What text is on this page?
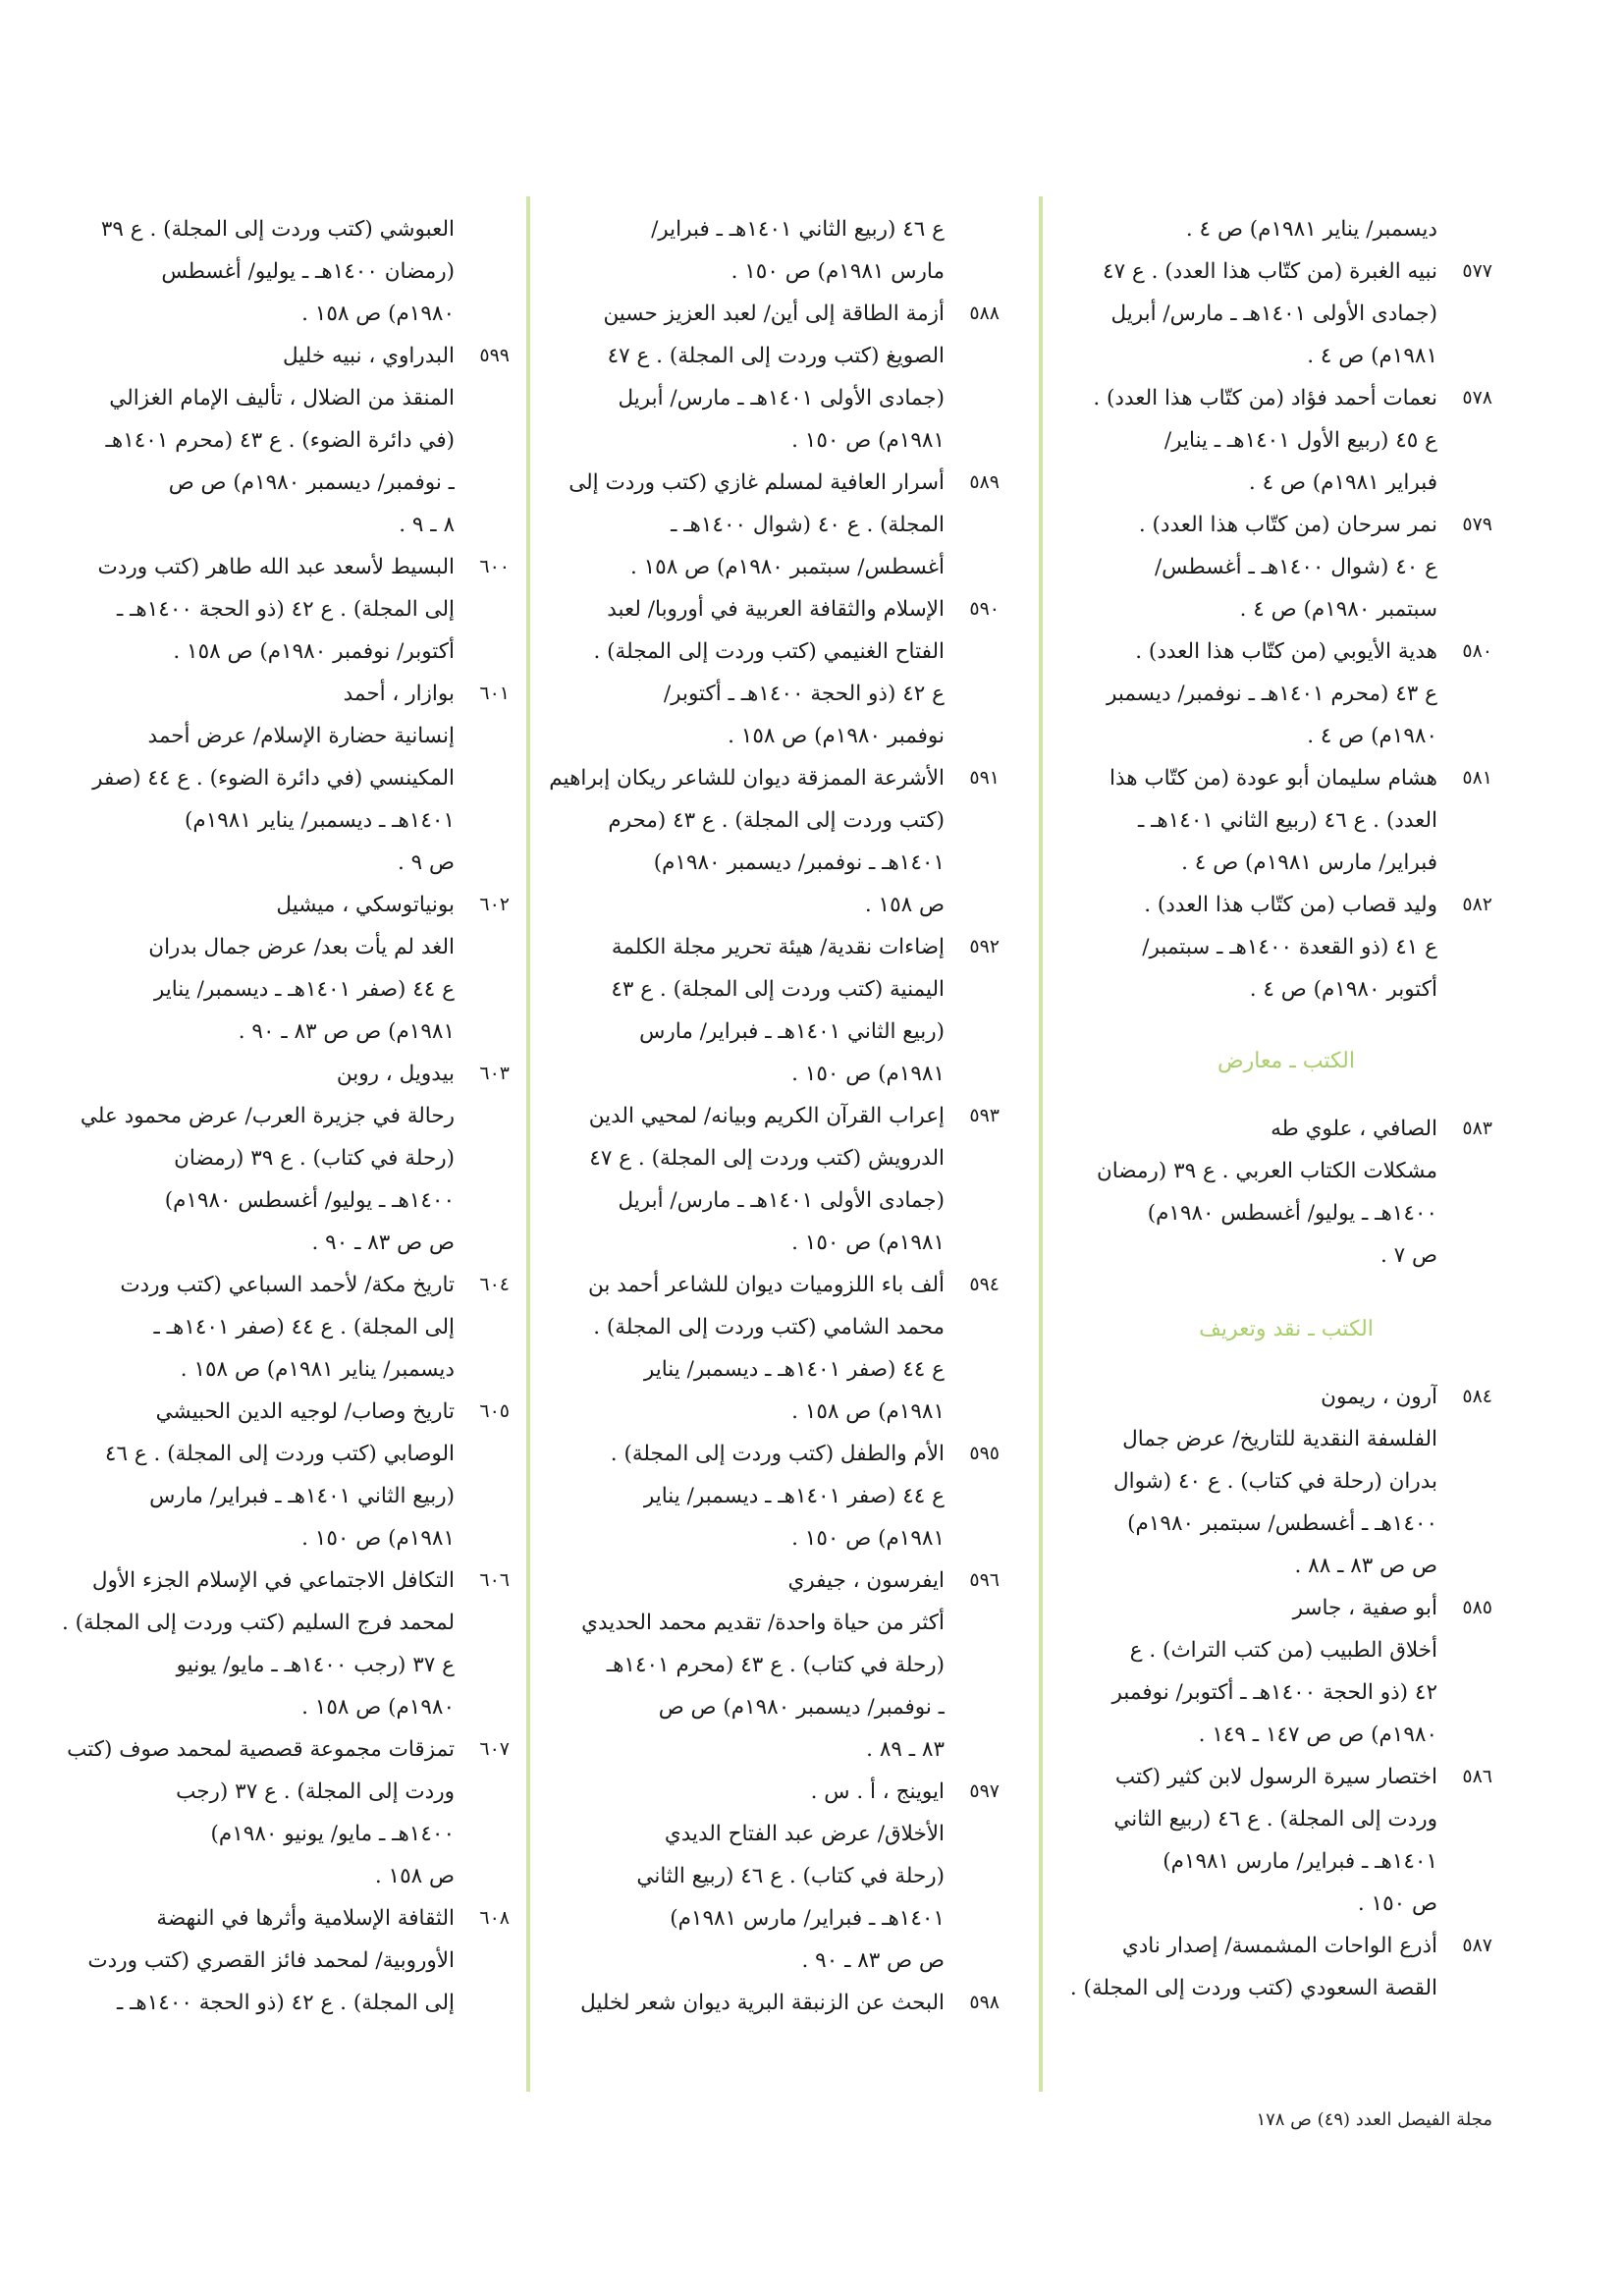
ديسمبر/ يناير ١٩٨١م) ص ٤ .
٥٧٧
نبيه الغبرة (من كتّاب هذا العدد) . ع ٤٧
(جمادى الأولى ١٤٠١هـ ـ مارس/ أبريل
١٩٨١م) ص ٤ .
٥٧٨
نعمات أحمد فؤاد (من كتّاب هذا العدد) .
ع ٤٥ (ربيع الأول ١٤٠١هـ ـ يناير/
فبراير ١٩٨١م) ص ٤ .
٥٧٩
نمر سرحان (من كتّاب هذا العدد) .
ع ٤٠ (شوال ١٤٠٠هـ ـ أغسطس/
سبتمبر ١٩٨٠م) ص ٤ .
٥٨٠
هدية الأيوبي (من كتّاب هذا العدد) .
ع ٤٣ (محرم ١٤٠١هـ ـ نوفمبر/ ديسمبر
١٩٨٠م) ص ٤ .
٥٨١
هشام سليمان أبو عودة (من كتّاب هذا
العدد) . ع ٤٦ (ربيع الثاني ١٤٠١هـ ـ
فبراير/ مارس ١٩٨١م) ص ٤ .
٥٨٢
وليد قصاب (من كتّاب هذا العدد) .
ع ٤١ (ذو القعدة ١٤٠٠هـ ـ سبتمبر/
أكتوبر ١٩٨٠م) ص ٤ .
الكتب ـ معارض
٥٨٣
الصافي ، علوي طه
مشكلات الكتاب العربي . ع ٣٩ (رمضان
١٤٠٠هـ ـ يوليو/ أغسطس ١٩٨٠م)
ص ٧ .
الكتب ـ نقد وتعريف
٥٨٤
آرون ، ريمون
الفلسفة النقدية للتاريخ/ عرض جمال
بدران (رحلة في كتاب) . ع ٤٠ (شوال
١٤٠٠هـ ـ أغسطس/ سبتمبر ١٩٨٠م)
ص ص ٨٣ ـ ٨٨ .
٥٨٥
أبو صفية ، جاسر
أخلاق الطبيب (من كتب التراث) . ع
٤٢ (ذو الحجة ١٤٠٠هـ ـ أكتوبر/ نوفمبر
١٩٨٠م) ص ص ١٤٧ ـ ١٤٩ .
٥٨٦
اختصار سيرة الرسول لابن كثير (كتب
وردت إلى المجلة) . ع ٤٦ (ربيع الثاني
١٤٠١هـ ـ فبراير/ مارس ١٩٨١م)
ص ١٥٠ .
٥٨٧
أذرع الواحات المشمسة/ إصدار نادي
القصة السعودي (كتب وردت إلى المجلة) .
ع ٤٦ (ربيع الثاني ١٤٠١هـ ـ فبراير/
مارس ١٩٨١م) ص ١٥٠ .
٥٨٨
أزمة الطاقة إلى أين/ لعبد العزيز حسين
الصويغ (كتب وردت إلى المجلة) . ع ٤٧
(جمادى الأولى ١٤٠١هـ ـ مارس/ أبريل
١٩٨١م) ص ١٥٠ .
٥٨٩
أسرار العافية لمسلم غازي (كتب وردت إلى
المجلة) . ع ٤٠ (شوال ١٤٠٠هـ ـ
أغسطس/ سبتمبر ١٩٨٠م) ص ١٥٨ .
٥٩٠
الإسلام والثقافة العربية في أوروبا/ لعبد
الفتاح الغنيمي (كتب وردت إلى المجلة) .
ع ٤٢ (ذو الحجة ١٤٠٠هـ ـ أكتوبر/
نوفمبر ١٩٨٠م) ص ١٥٨ .
٥٩١
الأشرعة الممزقة ديوان للشاعر ريكان إبراهيم
(كتب وردت إلى المجلة) . ع ٤٣ (محرم
١٤٠١هـ ـ نوفمبر/ ديسمبر ١٩٨٠م)
ص ١٥٨ .
٥٩٢
إضاءات نقدية/ هيئة تحرير مجلة الكلمة
اليمنية (كتب وردت إلى المجلة) . ع ٤٣
(ربيع الثاني ١٤٠١هـ ـ فبراير/ مارس
١٩٨١م) ص ١٥٠ .
٥٩٣
إعراب القرآن الكريم وبيانه/ لمحيي الدين
الدرويش (كتب وردت إلى المجلة) . ع ٤٧
(جمادى الأولى ١٤٠١هـ ـ مارس/ أبريل
١٩٨١م) ص ١٥٠ .
٥٩٤
ألف باء اللزوميات ديوان للشاعر أحمد بن
محمد الشامي (كتب وردت إلى المجلة) .
ع ٤٤ (صفر ١٤٠١هـ ـ ديسمبر/ يناير
١٩٨١م) ص ١٥٨ .
٥٩٥
الأم والطفل (كتب وردت إلى المجلة) .
ع ٤٤ (صفر ١٤٠١هـ ـ ديسمبر/ يناير
١٩٨١م) ص ١٥٠ .
٥٩٦
ايفرسون ، جيفري
أكثر من حياة واحدة/ تقديم محمد الحديدي
(رحلة في كتاب) . ع ٤٣ (محرم ١٤٠١هـ
ـ نوفمبر/ ديسمبر ١٩٨٠م) ص ص
٨٣ ـ ٨٩ .
٥٩٧
ايوينج ، أ . س .
الأخلاق/ عرض عبد الفتاح الديدي
(رحلة في كتاب) . ع ٤٦ (ربيع الثاني
١٤٠١هـ ـ فبراير/ مارس ١٩٨١م)
ص ص ٨٣ ـ ٩٠ .
٥٩٨
البحث عن الزنبقة البرية ديوان شعر لخليل
العبوشي (كتب وردت إلى المجلة) . ع ٣٩
(رمضان ١٤٠٠هـ ـ يوليو/ أغسطس
١٩٨٠م) ص ١٥٨ .
٥٩٩
البدراوي ، نبيه خليل
المنقذ من الضلال ، تأليف الإمام الغزالي
(في دائرة الضوء) . ع ٤٣ (محرم ١٤٠١هـ
ـ نوفمبر/ ديسمبر ١٩٨٠م) ص ص
٨ ـ ٩ .
٦٠٠
البسيط لأسعد عبد الله طاهر (كتب وردت
إلى المجلة) . ع ٤٢ (ذو الحجة ١٤٠٠هـ ـ
أكتوبر/ نوفمبر ١٩٨٠م) ص ١٥٨ .
٦٠١
بوازار ، أحمد
إنسانية حضارة الإسلام/ عرض أحمد
المكينسي (في دائرة الضوء) . ع ٤٤ (صفر
١٤٠١هـ ـ ديسمبر/ يناير ١٩٨١م)
ص ٩ .
٦٠٢
بونياتوسكي ، ميشيل
الغد لم يأت بعد/ عرض جمال بدران
ع ٤٤ (صفر ١٤٠١هـ ـ ديسمبر/ يناير
١٩٨١م) ص ص ٨٣ ـ ٩٠ .
٦٠٣
بيدويل ، روبن
رحالة في جزيرة العرب/ عرض محمود علي
(رحلة في كتاب) . ع ٣٩ (رمضان
١٤٠٠هـ ـ يوليو/ أغسطس ١٩٨٠م)
ص ص ٨٣ ـ ٩٠ .
٦٠٤
تاريخ مكة/ لأحمد السباعي (كتب وردت
إلى المجلة) . ع ٤٤ (صفر ١٤٠١هـ ـ
ديسمبر/ يناير ١٩٨١م) ص ١٥٨ .
٦٠٥
تاريخ وصاب/ لوجيه الدين الحبيشي
الوصابي (كتب وردت إلى المجلة) . ع ٤٦
(ربيع الثاني ١٤٠١هـ ـ فبراير/ مارس
١٩٨١م) ص ١٥٠ .
٦٠٦
التكافل الاجتماعي في الإسلام الجزء الأول
لمحمد فرج السليم (كتب وردت إلى المجلة) .
ع ٣٧ (رجب ١٤٠٠هـ ـ مايو/ يونيو
١٩٨٠م) ص ١٥٨ .
٦٠٧
تمزقات مجموعة قصصية لمحمد صوف (كتب
وردت إلى المجلة) . ع ٣٧ (رجب
١٤٠٠هـ ـ مايو/ يونيو ١٩٨٠م)
ص ١٥٨ .
٦٠٨
الثقافة الإسلامية وأثرها في النهضة
الأوروبية/ لمحمد فائز القصري (كتب وردت
إلى المجلة) . ع ٤٢ (ذو الحجة ١٤٠٠هـ ـ
مجلة الفيصل العدد (٤٩) ص ١٧٨
